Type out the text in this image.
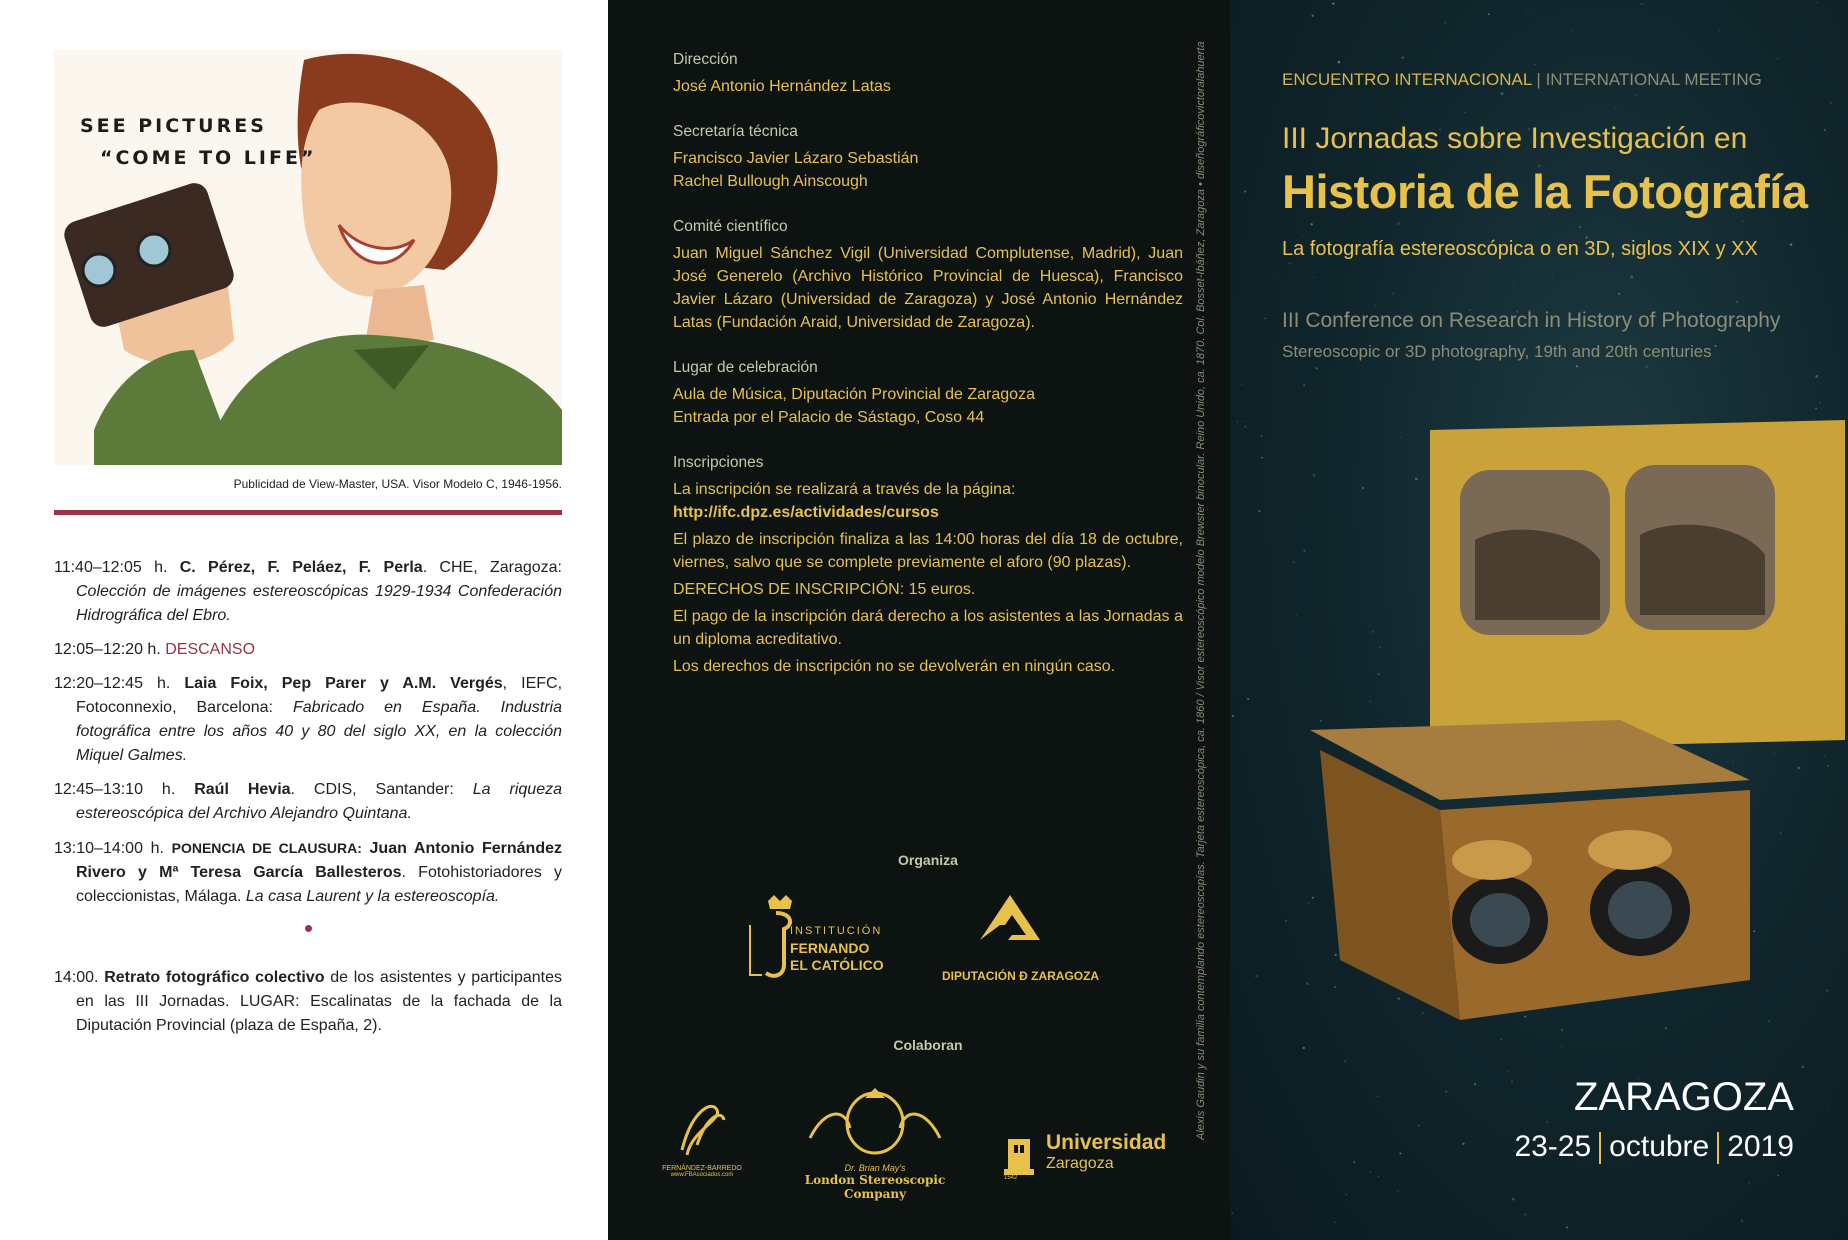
SEE PICTURES
“COME TO LIFE”
Publicidad de View-Master, USA. Visor Modelo C, 1946-1956.
11:40–12:05 h. C. Pérez, F. Peláez, F. Perla. CHE, Zaragoza: Colección de imágenes estereoscópicas 1929-1934 Confederación Hidrográfica del Ebro.
12:05–12:20 h. DESCANSO
12:20–12:45 h. Laia Foix, Pep Parer y A.M. Vergés, IEFC, Fotoconnexio, Barcelona: Fabricado en España. Industria fotográfica entre los años 40 y 80 del siglo XX, en la colección Miquel Galmes.
12:45–13:10 h. Raúl Hevia. CDIS, Santander: La riqueza estereoscópica del Archivo Alejandro Quintana.
13:10–14:00 h. PONENCIA DE CLAUSURA: Juan Antonio Fernández Rivero y Mª Teresa García Ballesteros. Fotohistoriadores y coleccionistas, Málaga. La casa Laurent y la estereoscopía.
14:00. Retrato fotográfico colectivo de los asistentes y participantes en las III Jornadas. LUGAR: Escalinatas de la fachada de la Diputación Provincial (plaza de España, 2).
Dirección
José Antonio Hernández Latas
Secretaría técnica
Francisco Javier Lázaro Sebastián
Rachel Bullough Ainscough
Comité científico
Juan Miguel Sánchez Vigil (Universidad Complutense, Madrid), Juan José Generelo (Archivo Histórico Provincial de Huesca), Francisco Javier Lázaro (Universidad de Zaragoza) y José Antonio Hernández Latas (Fundación Araid, Universidad de Zaragoza).
Lugar de celebración
Aula de Música, Diputación Provincial de Zaragoza
Entrada por el Palacio de Sástago, Coso 44
Inscripciones
La inscripción se realizará a través de la página:
http://ifc.dpz.es/actividades/cursos
El plazo de inscripción finaliza a las 14:00 horas del día 18 de octubre, viernes, salvo que se complete previamente el aforo (90 plazas).
DERECHOS DE INSCRIPCIÓN: 15 euros.
El pago de la inscripción dará derecho a los asistentes a las Jornadas a un diploma acreditativo.
Los derechos de inscripción no se devolverán en ningún caso.
Organiza
Colaboran
INSTITUCIÓN
FERNANDO
EL CATÓLICO
DIPUTACIÓN Ð ZARAGOZA
FERNÁNDEZ-BARREDO
www.FBAsociados.com
Dr. Brian May's
London Stereoscopic Company
1542
Universidad
Zaragoza
ENCUENTRO INTERNACIONAL | INTERNATIONAL MEETING
III Jornadas sobre Investigación en
Historia de la Fotografía
La fotografía estereoscópica o en 3D, siglos XIX y XX
III Conference on Research in History of Photography
Stereoscopic or 3D photography, 19th and 20th centuries
ZARAGOZA
23-25 octubre 2019
Alexis Gaudin y su familia contemplando estereoscopías. Tarjeta estereoscópica, ca. 1860 / Visor estereoscópico modelo Brewster binocular. Reino Unido, ca. 1870. Col. Bosset-Ibáñez, Zaragoza • diseñográficovictoralahuerta
